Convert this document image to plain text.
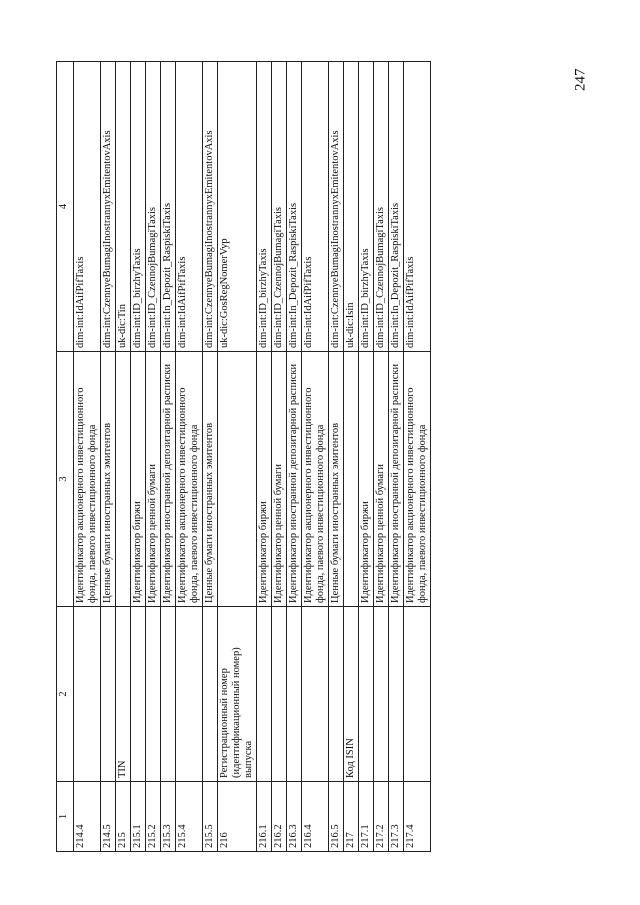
247
1	2	3	4
214.4		Идентификатор акционерного инвестиционного фонда, паевого инвестиционного фонда	dim-int:IdAifPifTaxis
214.5		Ценные бумаги иностранных эмитентов	dim-int:CzennyeBumagiInostrannyxEmitentovAxis
215	TIN		uk-dic:Tin
215.1		Идентификатор биржи	dim-int:ID_birzhyTaxis
215.2		Идентификатор ценной бумаги	dim-int:ID_CzennojBumagiTaxis
215.3		Идентификатор иностранной депозитарной расписки	dim-int:In_Depozit_RaspiskiTaxis
215.4		Идентификатор акционерного инвестиционного фонда, паевого инвестиционного фонда	dim-int:IdAifPifTaxis
215.5		Ценные бумаги иностранных эмитентов	dim-int:CzennyeBumagiInostrannyxEmitentovAxis
216	Регистрационный номер (идентификационный номер) выпуска		uk-dic:GosRegNomerVyp
216.1		Идентификатор биржи	dim-int:ID_birzhyTaxis
216.2		Идентификатор ценной бумаги	dim-int:ID_CzennojBumagiTaxis
216.3		Идентификатор иностранной депозитарной расписки	dim-int:In_Depozit_RaspiskiTaxis
216.4		Идентификатор акционерного инвестиционного фонда, паевого инвестиционного фонда	dim-int:IdAifPifTaxis
216.5		Ценные бумаги иностранных эмитентов	dim-int:CzennyeBumagiInostrannyxEmitentovAxis
217	Код ISIN		uk-dic:Isin
217.1		Идентификатор биржи	dim-int:ID_birzhyTaxis
217.2		Идентификатор ценной бумаги	dim-int:ID_CzennojBumagiTaxis
217.3		Идентификатор иностранной депозитарной расписки	dim-int:In_Depozit_RaspiskiTaxis
217.4		Идентификатор акционерного инвестиционного фонда, паевого инвестиционного фонда	dim-int:IdAifPifTaxis
